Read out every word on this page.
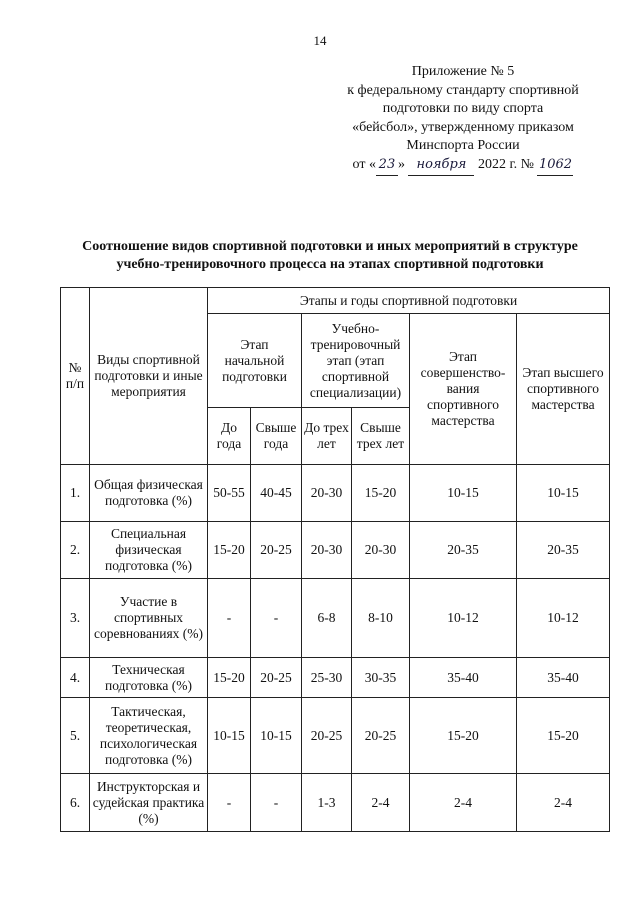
14
Приложение № 5
к федеральному стандарту спортивной
подготовки по виду спорта
«бейсбол», утвержденному приказом
Минспорта России
от « 23 » ноября 2022 г. № 1062
Соотношение видов спортивной подготовки и иных мероприятий в структуре
учебно-тренировочного процесса на этапах спортивной подготовки
№ п/п	Виды спортивной подготовки и иные мероприятия	Этапы и годы спортивной подготовки					
		Этап начальной подготовки		Учебно-тренировочный этап (этап спортивной специализации)		Этап совершенство-вания спортивного мастерства	Этап высшего спортивного мастерства
		До года	Свыше года	До трех лет	Свыше трех лет		
1.	Общая физическая подготовка (%)	50-55	40-45	20-30	15-20	10-15	10-15
2.	Специальная физическая подготовка (%)	15-20	20-25	20-30	20-30	20-35	20-35
3.	Участие в спортивных соревнованиях (%)	-	-	6-8	8-10	10-12	10-12
4.	Техническая подготовка (%)	15-20	20-25	25-30	30-35	35-40	35-40
5.	Тактическая, теоретическая, психологическая подготовка (%)	10-15	10-15	20-25	20-25	15-20	15-20
6.	Инструкторская и судейская практика (%)	-	-	1-3	2-4	2-4	2-4
